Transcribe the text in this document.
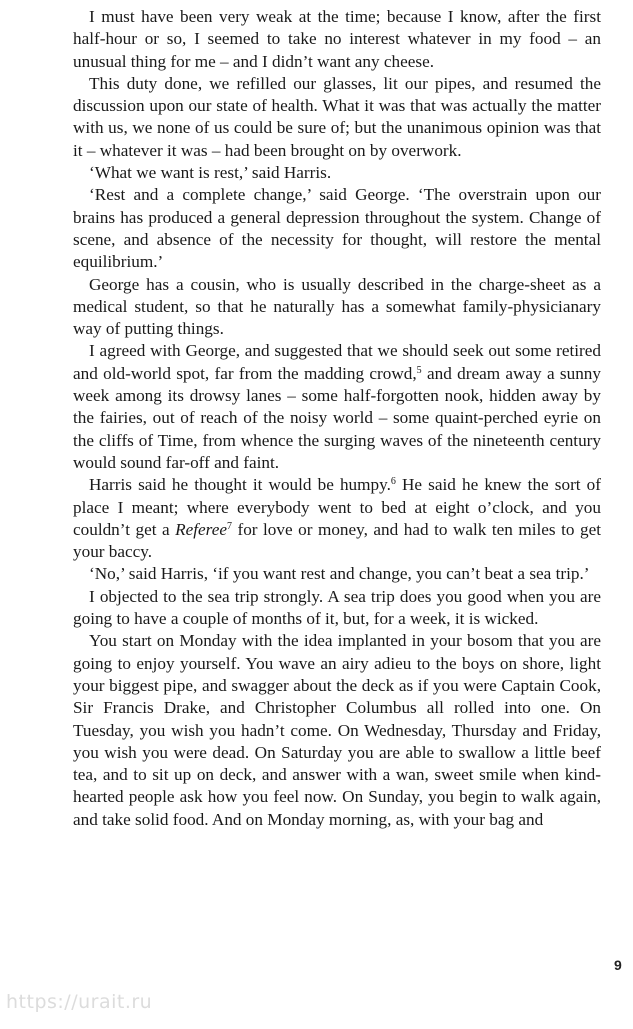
I must have been very weak at the time; because I know, after the first half-hour or so, I seemed to take no interest whatever in my food – an unusual thing for me – and I didn’t want any cheese.

This duty done, we refilled our glasses, lit our pipes, and resumed the discussion upon our state of health. What it was that was actually the matter with us, we none of us could be sure of; but the unanimous opinion was that it – whatever it was – had been brought on by overwork.

‘What we want is rest,’ said Harris.

‘Rest and a complete change,’ said George. ‘The overstrain upon our brains has produced a general depression throughout the system. Change of scene, and absence of the necessity for thought, will restore the mental equilibrium.’

George has a cousin, who is usually described in the charge-sheet as a medical student, so that he naturally has a somewhat family-physicianary way of putting things.

I agreed with George, and suggested that we should seek out some retired and old-world spot, far from the madding crowd,$^5$ and dream away a sunny week among its drowsy lanes – some half-forgotten nook, hidden away by the fairies, out of reach of the noisy world – some quaint-perched eyrie on the cliffs of Time, from whence the surging waves of the nineteenth century would sound far-off and faint.

Harris said he thought it would be humpy.$^6$ He said he knew the sort of place I meant; where everybody went to bed at eight o’clock, and you couldn’t get a Referee$^7$ for love or money, and had to walk ten miles to get your baccy.

‘No,’ said Harris, ‘if you want rest and change, you can’t beat a sea trip.’

I objected to the sea trip strongly. A sea trip does you good when you are going to have a couple of months of it, but, for a week, it is wicked.

You start on Monday with the idea implanted in your bosom that you are going to enjoy yourself. You wave an airy adieu to the boys on shore, light your biggest pipe, and swagger about the deck as if you were Captain Cook, Sir Francis Drake, and Christopher Columbus all rolled into one. On Tuesday, you wish you hadn’t come. On Wednesday, Thursday and Friday, you wish you were dead. On Saturday you are able to swallow a little beef tea, and to sit up on deck, and answer with a wan, sweet smile when kind-hearted people ask how you feel now. On Sunday, you begin to walk again, and take solid food. And on Monday morning, as, with your bag and

9
https://urait.ru
